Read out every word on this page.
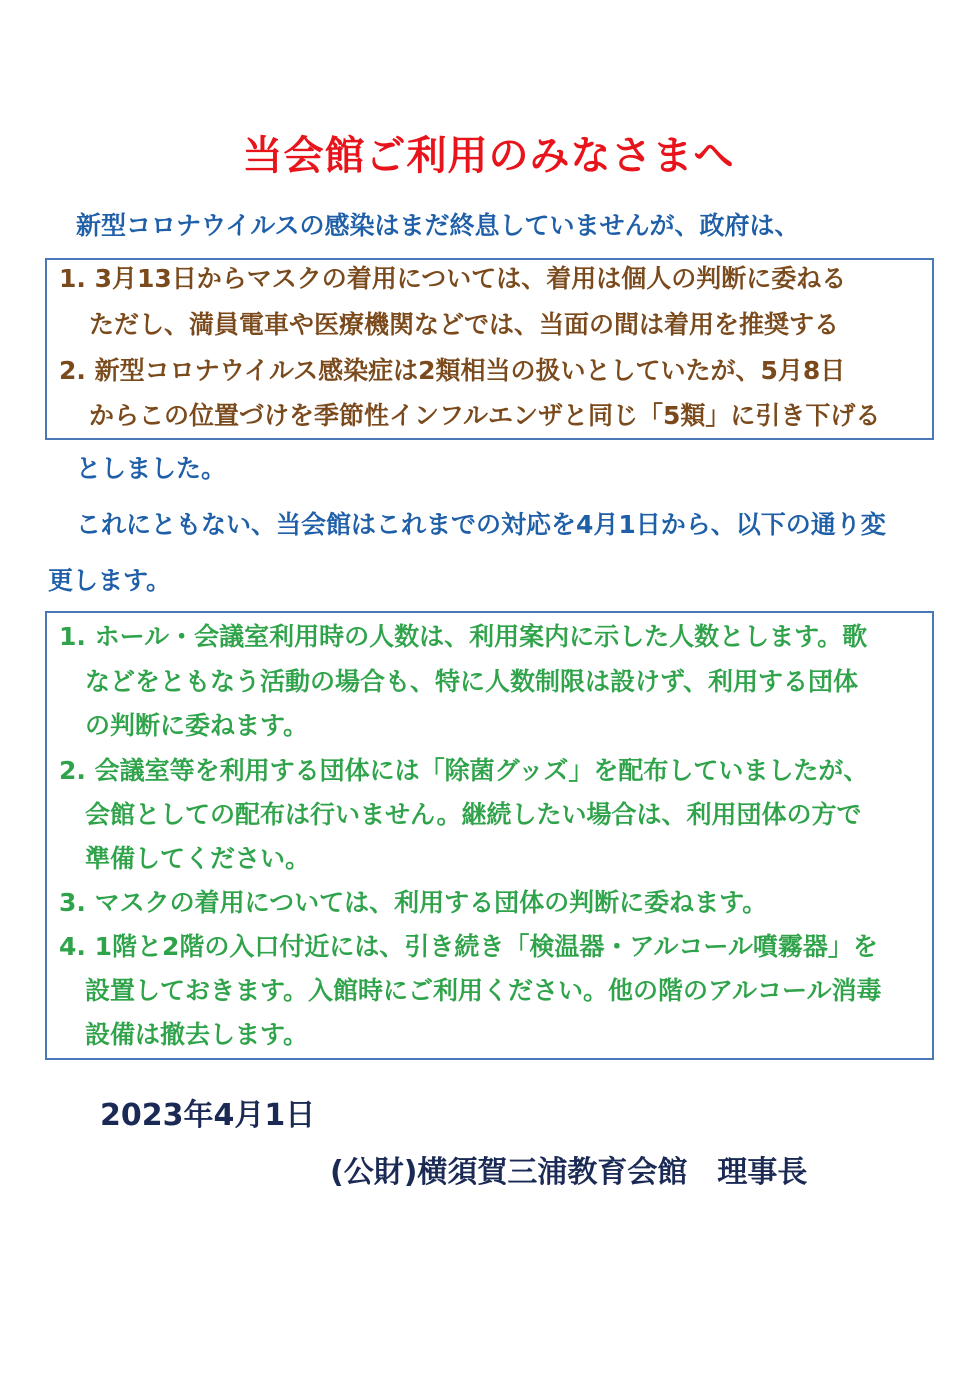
当会館ご利用のみなさまへ
新型コロナウイルスの感染はまだ終息していませんが、政府は、
1. 3月13日からマスクの着用については、着用は個人の判断に委ねる
ただし、満員電車や医療機関などでは、当面の間は着用を推奨する
2. 新型コロナウイルス感染症は2類相当の扱いとしていたが、5月8日
からこの位置づけを季節性インフルエンザと同じ「5類」に引き下げる
としました。
これにともない、当会館はこれまでの対応を4月1日から、以下の通り変
更します。
1. ホール・会議室利用時の人数は、利用案内に示した人数とします。歌
などをともなう活動の場合も、特に人数制限は設けず、利用する団体
の判断に委ねます。
2. 会議室等を利用する団体には「除菌グッズ」を配布していましたが、
会館としての配布は行いません。継続したい場合は、利用団体の方で
準備してください。
3. マスクの着用については、利用する団体の判断に委ねます。
4. 1階と2階の入口付近には、引き続き「検温器・アルコール噴霧器」を
設置しておきます。入館時にご利用ください。他の階のアルコール消毒
設備は撤去します。
2023年4月1日
(公財)横須賀三浦教育会館　理事長
